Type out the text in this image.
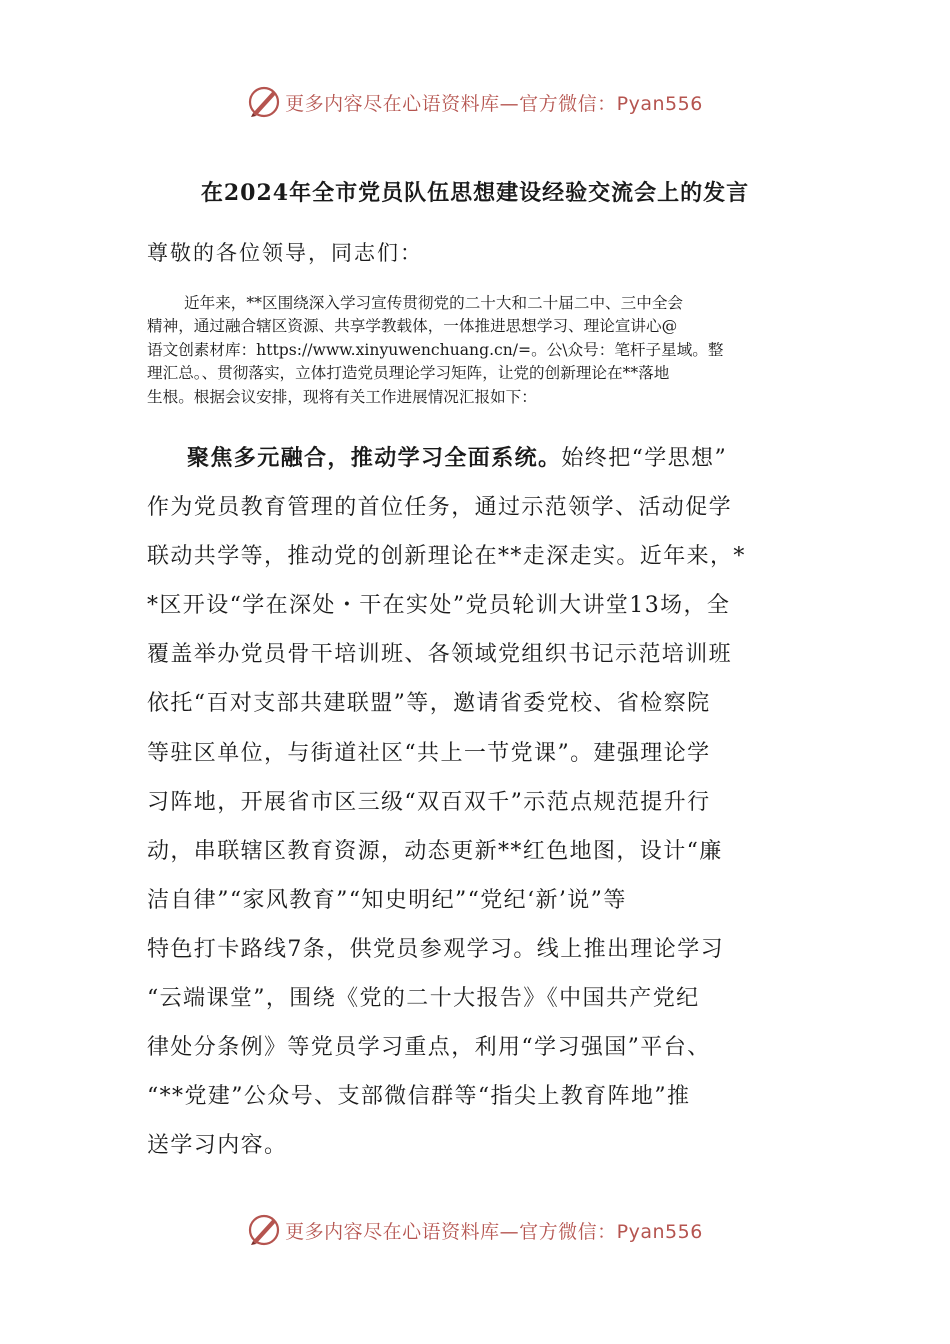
更多内容尽在心语资料库—官方微信：Pyan556
在2024年全市党员队伍思想建设经验交流会上的发言
尊敬的各位领导，同志们：
近年来，**区围绕深入学习宣传贯彻党的二十大和二十届二中、三中全会
精神，通过融合辖区资源、共享学教载体，一体推进思想学习、理论宣讲心@
语文创素材库：https://www.xinyuwenchuang.cn/=。公\众号：笔杆子星域。整
理汇总。、贯彻落实，立体打造党员理论学习矩阵，让党的创新理论在**落地
生根。根据会议安排，现将有关工作进展情况汇报如下：
聚焦多元融合，推动学习全面系统。始终把“学思想”
作为党员教育管理的首位任务，通过示范领学、活动促学
联动共学等，推动党的创新理论在**走深走实。近年来，*
*区开设“学在深处・干在实处”党员轮训大讲堂13场，全
覆盖举办党员骨干培训班、各领域党组织书记示范培训班
依托“百对支部共建联盟”等，邀请省委党校、省检察院
等驻区单位，与街道社区“共上一节党课”。建强理论学
习阵地，开展省市区三级“双百双千”示范点规范提升行
动，串联辖区教育资源，动态更新**红色地图，设计“廉
洁自律”“家风教育”“知史明纪”“党纪‘新’说”等
特色打卡路线7条，供党员参观学习。线上推出理论学习
“云端课堂”，围绕《党的二十大报告》《中国共产党纪
律处分条例》等党员学习重点，利用“学习强国”平台、
“**党建”公众号、支部微信群等“指尖上教育阵地”推
送学习内容。
更多内容尽在心语资料库—官方微信：Pyan556
